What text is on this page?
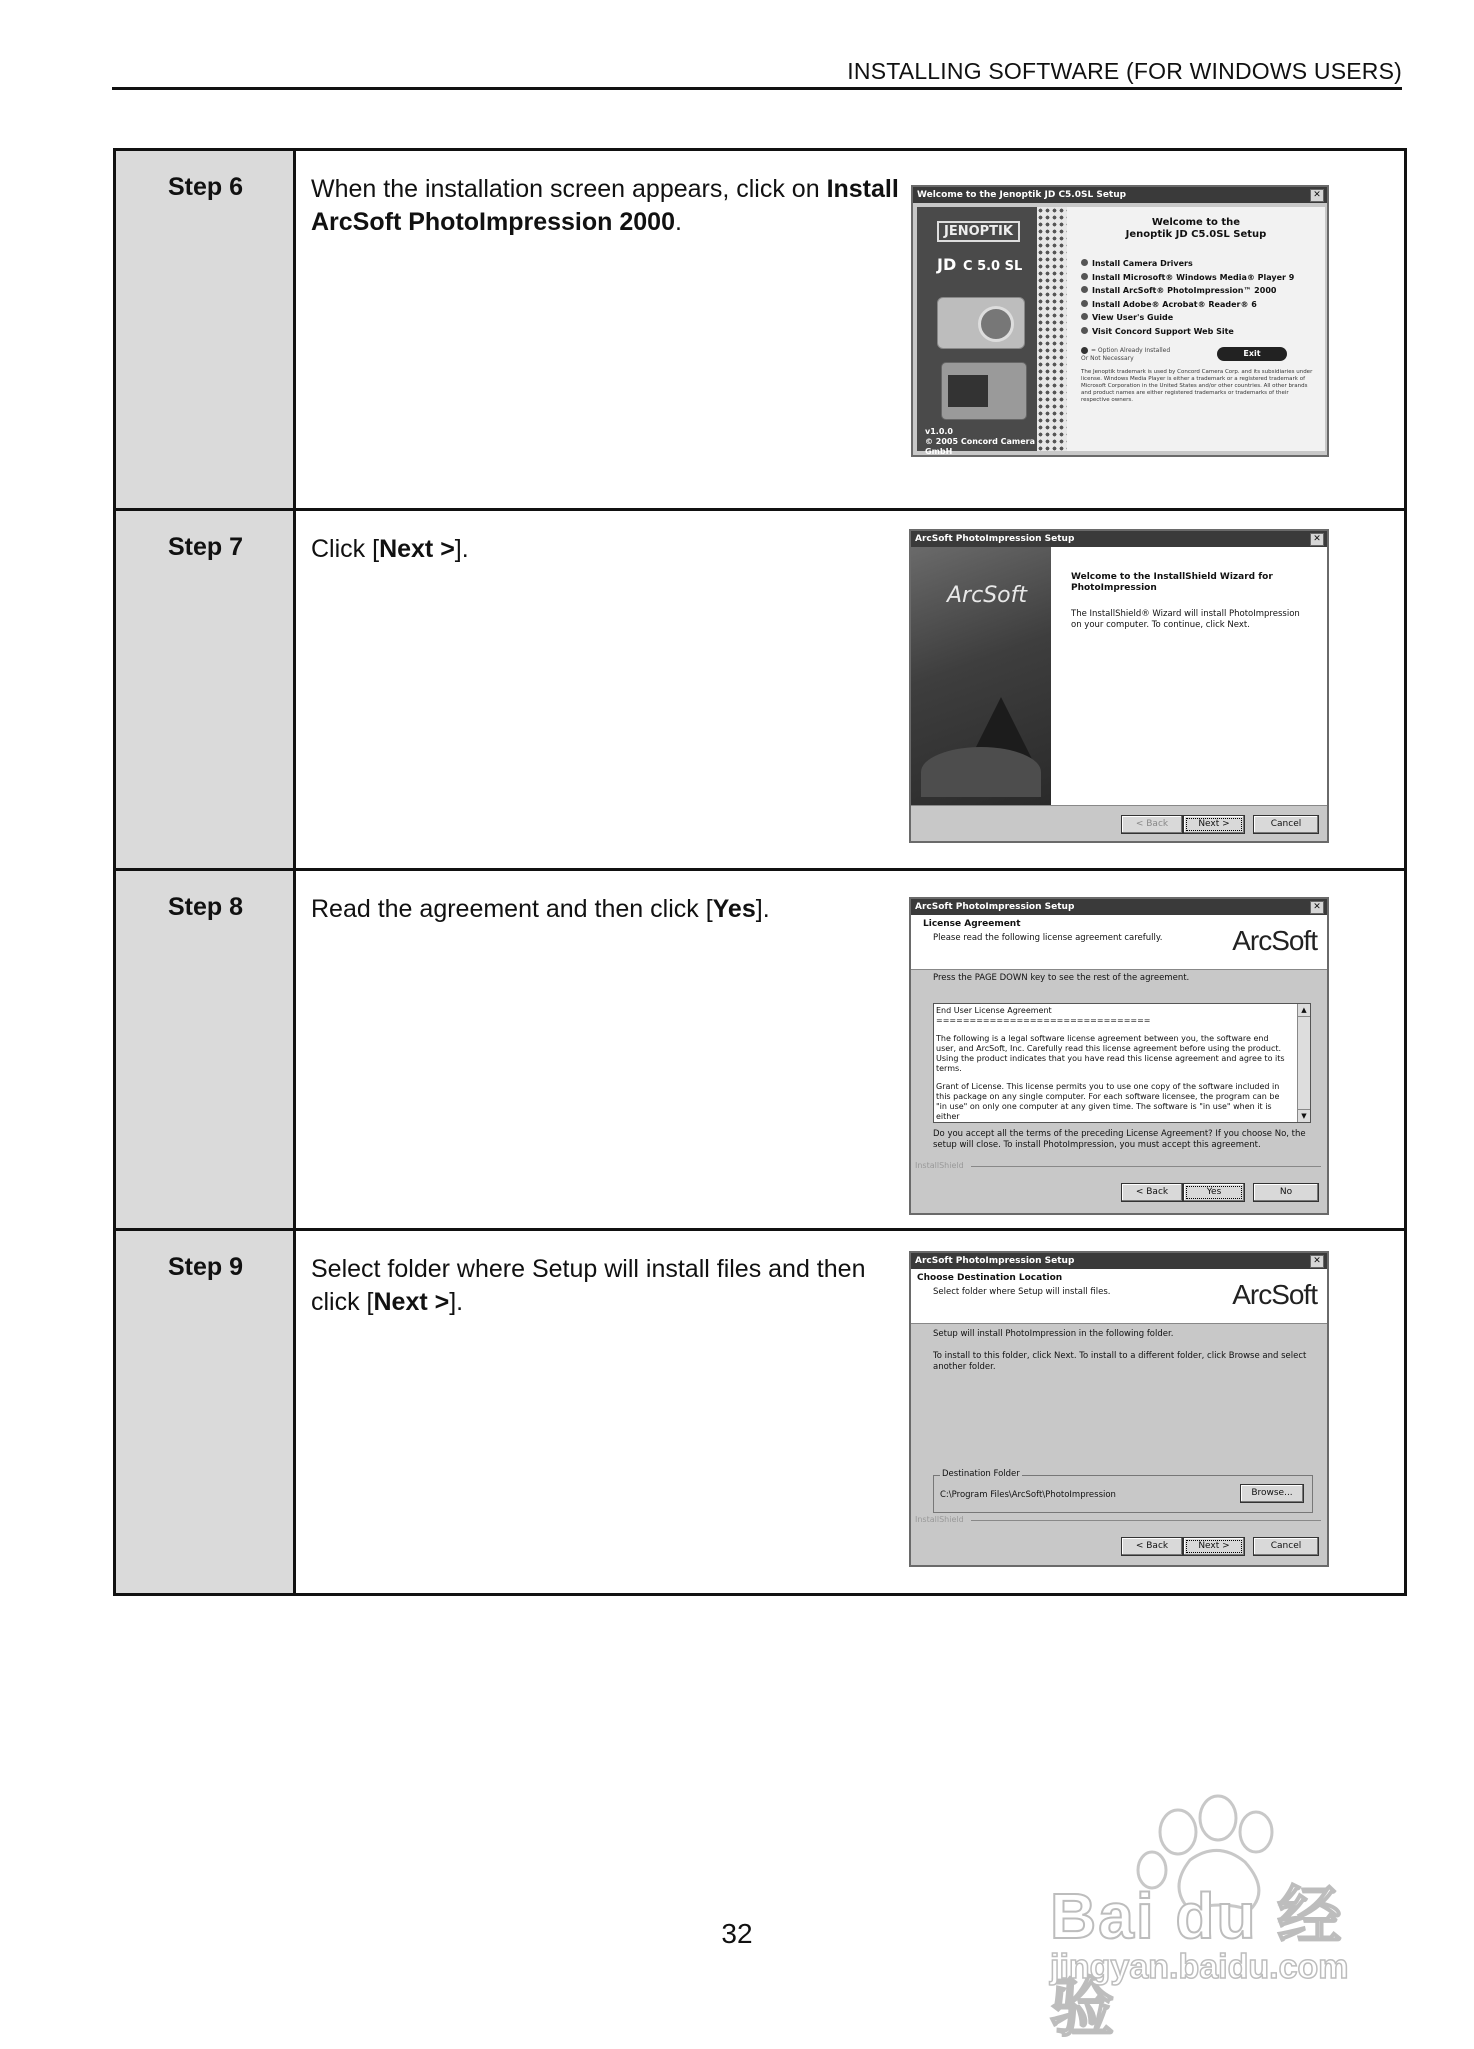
INSTALLING SOFTWARE (FOR WINDOWS USERS)
Step 6	When the installation screen appears, click on Install ArcSoft PhotoImpression 2000.
Welcome to the Jenoptik JD C5.0SL Setup	✕
JENOPTIK
JD C 5.0 SL
v1.0.0
© 2005 Concord Camera GmbH
Welcome to the
Jenoptik JD C5.0SL Setup
Install Camera Drivers
Install Microsoft® Windows Media® Player 9
Install ArcSoft® PhotoImpression™ 2000
Install Adobe® Acrobat® Reader® 6
View User's Guide
Visit Concord Support Web Site
= Option Already Installed Or Not Necessary
Exit
The Jenoptik trademark is used by Concord Camera Corp. and its subsidiaries under license. Windows Media Player is either a trademark or a registered trademark of Microsoft Corporation in the United States and/or other countries. All other brands and product names are either registered trademarks or trademarks of their respective owners.
Step 7	Click [Next >].	ArcSoft PhotoImpression Setup	✕
ArcSoft
Welcome to the InstallShield Wizard for PhotoImpression
The InstallShield® Wizard will install PhotoImpression on your computer. To continue, click Next.
< Back	Next >	Cancel
Step 8	Read the agreement and then click [Yes].	ArcSoft PhotoImpression Setup	✕
License Agreement
Please read the following license agreement carefully. ArcSoft
Press the PAGE DOWN key to see the rest of the agreement.
End User License Agreement
================================
The following is a legal software license agreement between you, the software end user, and ArcSoft, Inc. Carefully read this license agreement before using the product. Using the product indicates that you have read this license agreement and agree to its terms.
Grant of License. This license permits you to use one copy of the software included in this package on any single computer. For each software licensee, the program can be "in use" on only one computer at any given time. The software is "in use" when it is either
▲
▼
Do you accept all the terms of the preceding License Agreement? If you choose No, the setup will close. To install PhotoImpression, you must accept this agreement.
InstallShield
< Back	Yes	No
Step 9	Select folder where Setup will install files and then click [Next >].
ArcSoft PhotoImpression Setup	✕
Choose Destination Location
Select folder where Setup will install files.	ArcSoft
Setup will install PhotoImpression in the following folder.
To install to this folder, click Next. To install to a different folder, click Browse and select another folder.
Destination Folder
C:\Program Files\ArcSoft\PhotoImpression	Browse...
InstallShield
< Back	Next >	Cancel
Bai du 经验
jingyan.baidu.com
32
